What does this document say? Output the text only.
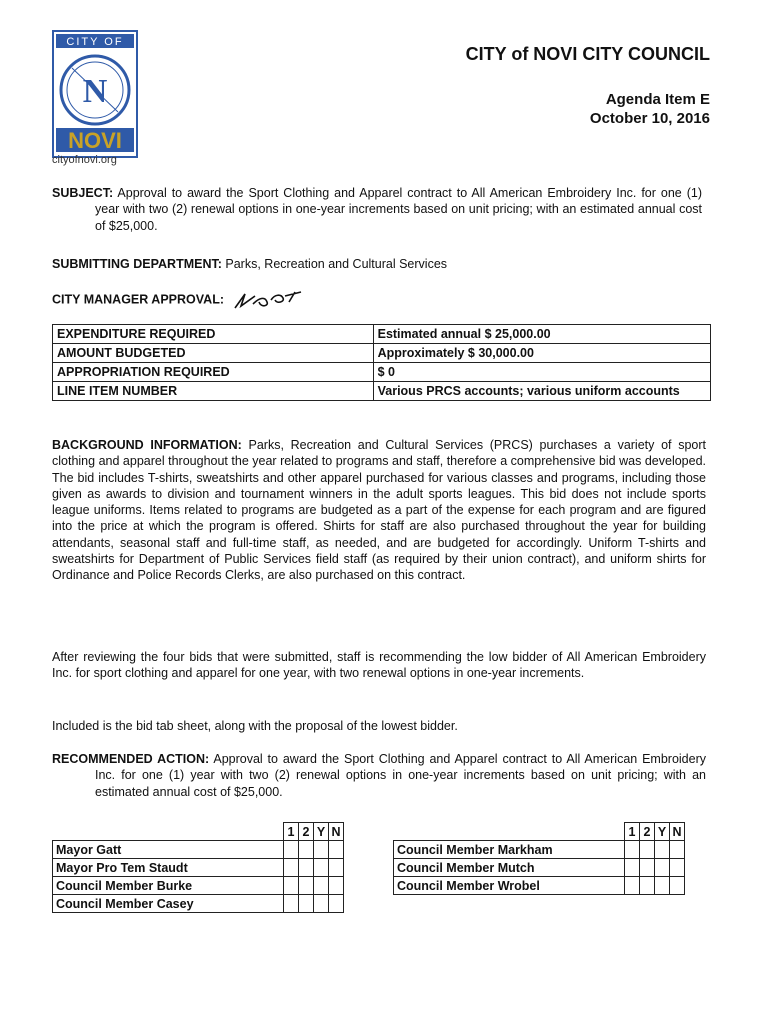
CITY OF
N
NOVI
cityofnovi.org
CITY of NOVI CITY COUNCIL
Agenda Item E
October 10, 2016
SUBJECT: Approval to award the Sport Clothing and Apparel contract to All American Embroidery Inc. for one (1) year with two (2) renewal options in one-year increments based on unit pricing; with an estimated annual cost of $25,000.
SUBMITTING DEPARTMENT: Parks, Recreation and Cultural Services
CITY MANAGER APPROVAL:
EXPENDITURE REQUIRED	Estimated annual $ 25,000.00
AMOUNT BUDGETED	Approximately $ 30,000.00
APPROPRIATION REQUIRED	$ 0
LINE ITEM NUMBER	Various PRCS accounts; various uniform accounts
BACKGROUND INFORMATION: Parks, Recreation and Cultural Services (PRCS) purchases a variety of sport clothing and apparel throughout the year related to programs and staff, therefore a comprehensive bid was developed. The bid includes T-shirts, sweatshirts and other apparel purchased for various classes and programs, including those given as awards to division and tournament winners in the adult sports leagues. This bid does not include sports league uniforms. Items related to programs are budgeted as a part of the expense for each program and are figured into the price at which the program is offered. Shirts for staff are also purchased throughout the year for building attendants, seasonal staff and full-time staff, as needed, and are budgeted for accordingly. Uniform T-shirts and sweatshirts for Department of Public Services field staff (as required by their union contract), and uniform shirts for Ordinance and Police Records Clerks, are also purchased on this contract.
After reviewing the four bids that were submitted, staff is recommending the low bidder of All American Embroidery Inc. for sport clothing and apparel for one year, with two renewal options in one-year increments.
Included is the bid tab sheet, along with the proposal of the lowest bidder.
RECOMMENDED ACTION: Approval to award the Sport Clothing and Apparel contract to All American Embroidery Inc. for one (1) year with two (2) renewal options in one-year increments based on unit pricing; with an estimated annual cost of $25,000.
	1	2	Y	N
Mayor Gatt				
Mayor Pro Tem Staudt				
Council Member Burke				
Council Member Casey				
	1	2	Y	N
Council Member Markham				
Council Member Mutch				
Council Member Wrobel				
